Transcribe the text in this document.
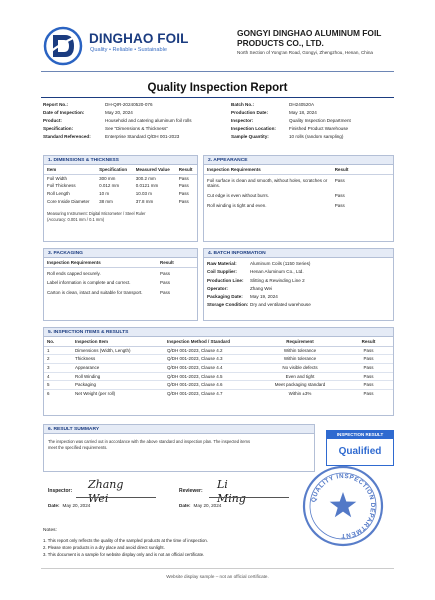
DINGHAO FOIL
Quality • Reliable • Sustainable
GONGYI DINGHAO ALUMINUM FOIL PRODUCTS CO., LTD.
North Section of Yong'an Road, Gongyi, Zhengzhou, Henan, China
Quality Inspection Report
Report No.:	DH-QIR-20240520-076	Batch No.:	DH240520A
Date of Inspection:	May 20, 2024	Production Date:	May 18, 2024
Product:	Household and catering aluminum foil rolls	Inspector:	Quality Inspection Department
Specification:	See "Dimensions & Thickness"	Inspection Location:	Finished Product Warehouse
Standard Referenced:	Enterprise Standard Q/DH 001-2023	Sample Quantity:	10 rolls (random sampling)
1. DIMENSIONS & THICKNESS
Item	Specification	Measured Value	Result
Foil Width	300 mm	300.2 mm	Pass
Foil Thickness	0.012 mm	0.0121 mm	Pass
Roll Length	10 m	10.03 m	Pass
Core Inside Diameter	38 mm	37.8 mm	Pass
Measuring Instrument: Digital Micrometer / Steel Ruler (Accuracy: 0.001 mm / 0.1 mm)
2. APPEARANCE
Inspection Requirements	Result
Foil surface is clean and smooth, without holes, scratches or stains.	Pass
Cut edge is even without burrs.	Pass
Roll winding is tight and even.	Pass
3. PACKAGING
Inspection Requirements	Result
Roll ends capped securely.	Pass
Label information is complete and correct.	Pass
Carton is clean, intact and suitable for transport.	Pass
4. BATCH INFORMATION
Raw Material:	Aluminum Coils (1150 Series)
Coil Supplier:	Henan Aluminum Co., Ltd.
Production Line:	Slitting & Rewinding Line 2
Operator:	Zhang Wei
Packaging Date:	May 19, 2024
Storage Condition: Dry and ventilated warehouse
5. INSPECTION ITEMS & RESULTS
No.	Inspection Item	Inspection Method / Standard	Requirement	Result
1	Dimensions (Width, Length)	Q/DH 001-2023, Clause 4.2	Within tolerance	Pass
2	Thickness	Q/DH 001-2023, Clause 4.3	Within tolerance	Pass
3	Appearance	Q/DH 001-2023, Clause 4.4	No visible defects	Pass
4	Roll Winding	Q/DH 001-2023, Clause 4.5	Even and tight	Pass
5	Packaging	Q/DH 001-2023, Clause 4.6	Meet packaging standard	Pass
6	Net Weight (per roll)	Q/DH 001-2023, Clause 4.7	Within ±3%	Pass
6. RESULT SUMMARY
The inspection was carried out in accordance with the above standard and inspection plan. The inspected items meet the specified requirements.
INSPECTION RESULT CONCLUSION
Qualified
Inspector: Zhang Wei
Date: May 20, 2024
Reviewer: Li Ming
Date: May 20, 2024
QUALITY INSPECTION DEPARTMENT
Notes:
1. This report only reflects the quality of the sampled products at the time of inspection.
2. Please store products in a dry place and avoid direct sunlight.
3. This document is a sample for website display only and is not an official certificate.
Website display sample – not an official certificate.
